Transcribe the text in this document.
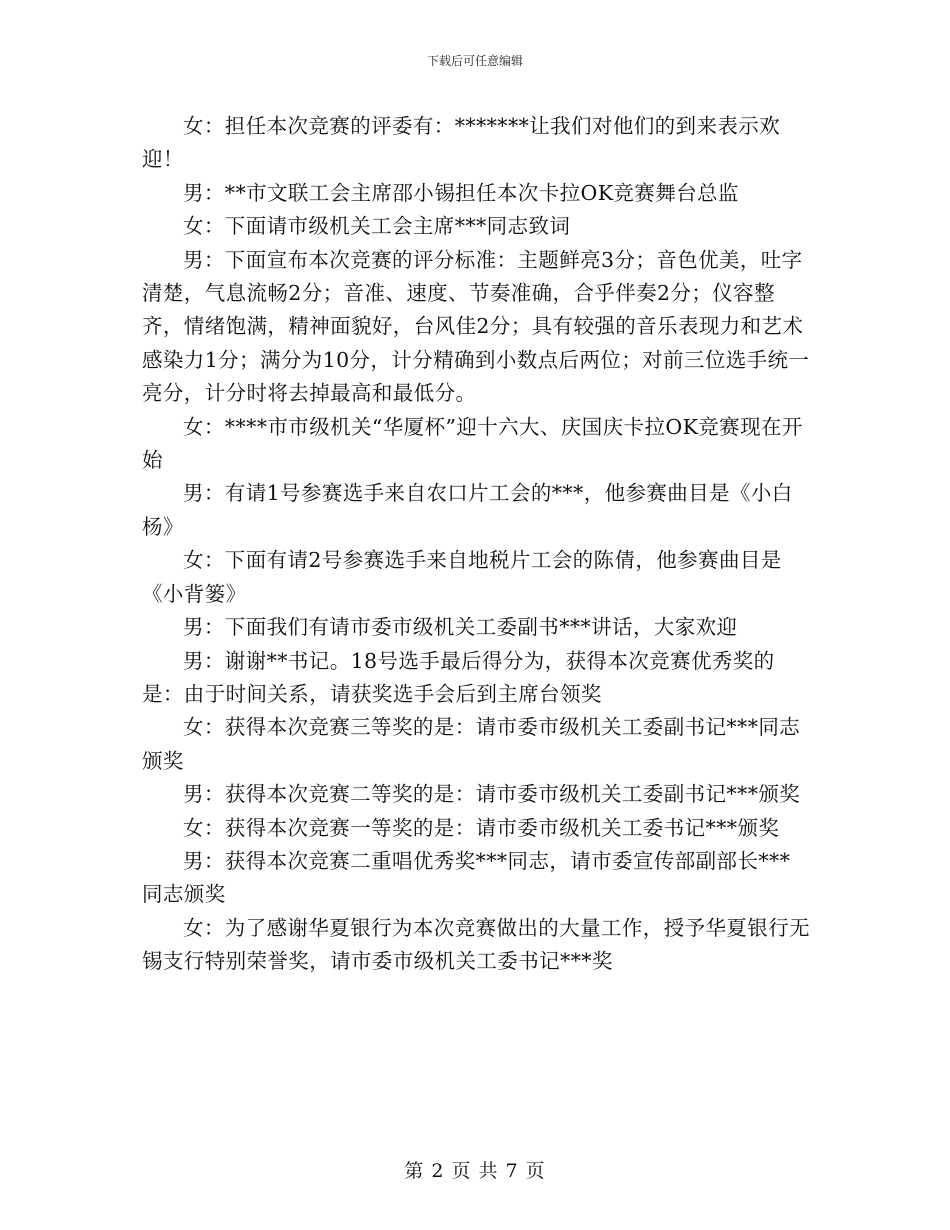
下载后可任意编辑

女：担任本次竞赛的评委有：*******让我们对他们的到来表示欢迎！

男：**市文联工会主席邵小锡担任本次卡拉OK竞赛舞台总监

女：下面请市级机关工会主席***同志致词

男：下面宣布本次竞赛的评分标准：主题鲜亮3分；音色优美，吐字清楚，气息流畅2分；音准、速度、节奏准确，合乎伴奏2分；仪容整齐，情绪饱满，精神面貌好，台风佳2分；具有较强的音乐表现力和艺术感染力1分；满分为10分，计分精确到小数点后两位；对前三位选手统一亮分，计分时将去掉最高和最低分。

女：****市市级机关“华厦杯”迎十六大、庆国庆卡拉OK竞赛现在开始

男：有请1号参赛选手来自农口片工会的***，他参赛曲目是《小白杨》

女：下面有请2号参赛选手来自地税片工会的陈倩，他参赛曲目是《小背篓》

男：下面我们有请市委市级机关工委副书***讲话，大家欢迎

男：谢谢**书记。18号选手最后得分为，获得本次竞赛优秀奖的是：由于时间关系，请获奖选手会后到主席台领奖

女：获得本次竞赛三等奖的是：请市委市级机关工委副书记***同志颁奖

男：获得本次竞赛二等奖的是：请市委市级机关工委副书记***颁奖

女：获得本次竞赛一等奖的是：请市委市级机关工委书记***颁奖

男：获得本次竞赛二重唱优秀奖***同志，请市委宣传部副部长***同志颁奖

女：为了感谢华夏银行为本次竞赛做出的大量工作，授予华夏银行无锡支行特别荣誉奖，请市委市级机关工委书记***奖

第 2 页 共 7 页
